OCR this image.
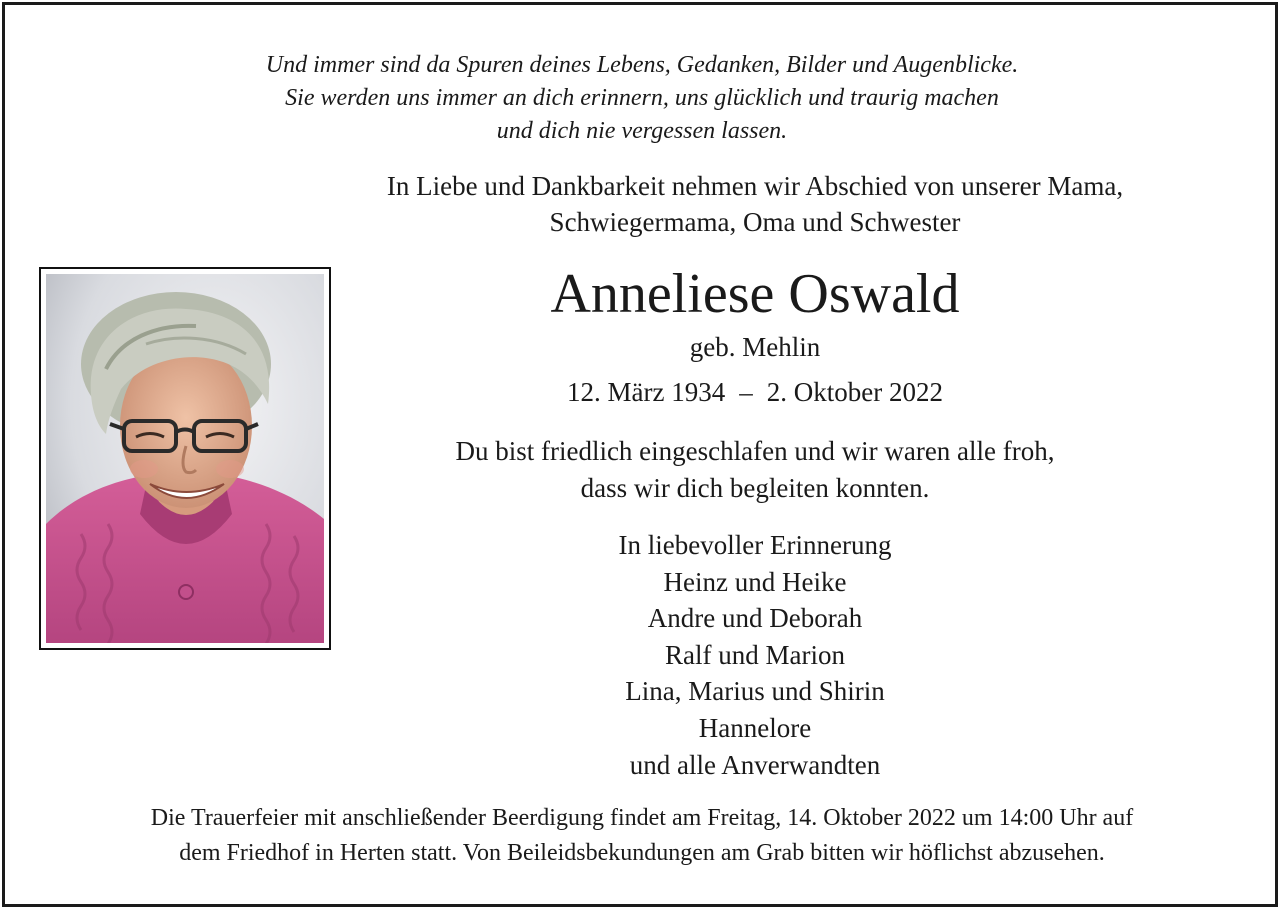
Und immer sind da Spuren deines Lebens, Gedanken, Bilder und Augenblicke.
Sie werden uns immer an dich erinnern, uns glücklich und traurig machen
und dich nie vergessen lassen.
In Liebe und Dankbarkeit nehmen wir Abschied von unserer Mama,
Schwiegermama, Oma und Schwester
Anneliese Oswald
geb. Mehlin
12. März 1934 – 2. Oktober 2022
Du bist friedlich eingeschlafen und wir waren alle froh,
dass wir dich begleiten konnten.
In liebevoller Erinnerung
Heinz und Heike
Andre und Deborah
Ralf und Marion
Lina, Marius und Shirin
Hannelore
und alle Anverwandten
Die Trauerfeier mit anschließender Beerdigung findet am Freitag, 14. Oktober 2022 um 14:00 Uhr auf
dem Friedhof in Herten statt. Von Beileidsbekundungen am Grab bitten wir höflichst abzusehen.
